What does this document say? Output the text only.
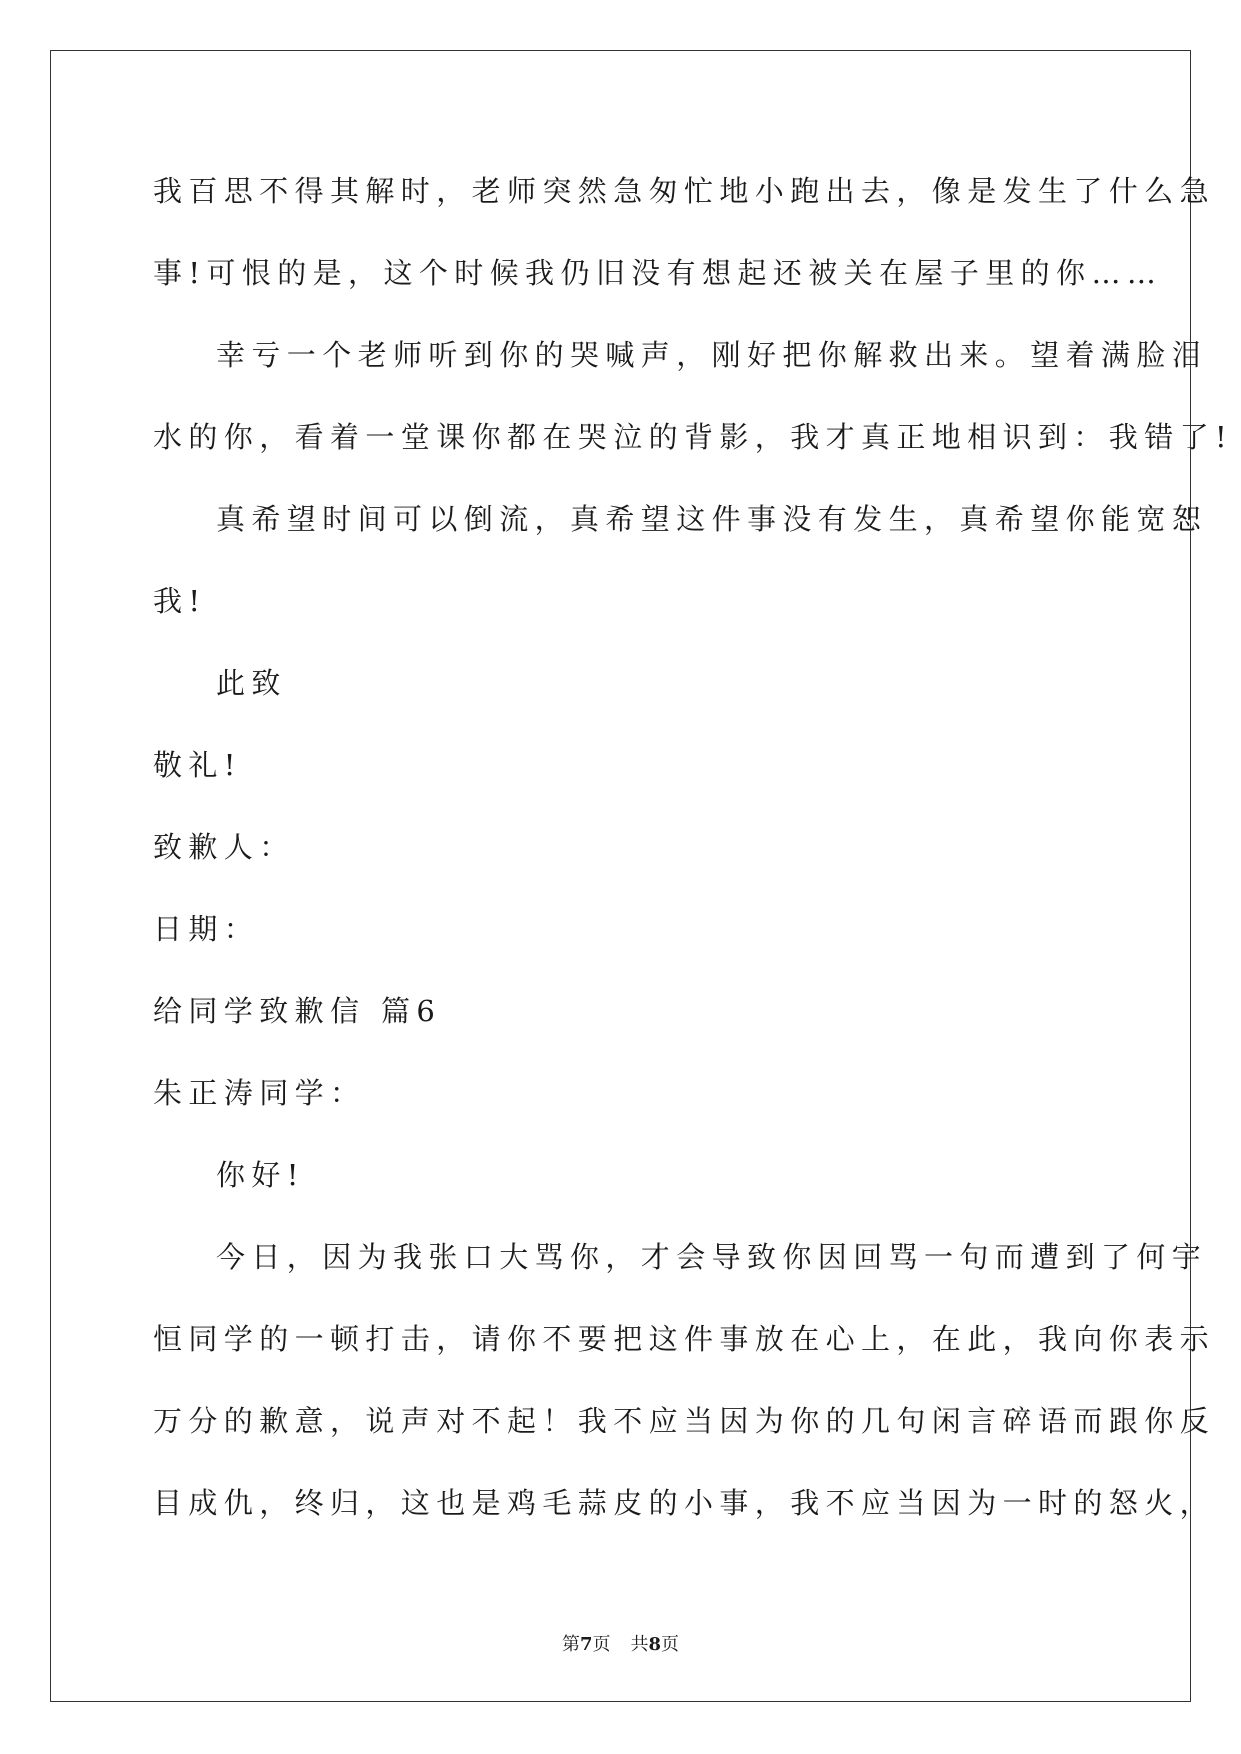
我百思不得其解时，老师突然急匆忙地小跑出去，像是发生了什么急
事!可恨的是，这个时候我仍旧没有想起还被关在屋子里的你……
幸亏一个老师听到你的哭喊声，刚好把你解救出来。望着满脸泪
水的你，看着一堂课你都在哭泣的背影，我才真正地相识到：我错了!
真希望时间可以倒流，真希望这件事没有发生，真希望你能宽恕
我!
此致
敬礼!
致歉人：
日期：
给同学致歉信 篇6
朱正涛同学：
你好!
今日，因为我张口大骂你，才会导致你因回骂一句而遭到了何宇
恒同学的一顿打击，请你不要把这件事放在心上，在此，我向你表示
万分的歉意，说声对不起！我不应当因为你的几句闲言碎语而跟你反
目成仇，终归，这也是鸡毛蒜皮的小事，我不应当因为一时的怒火，
第7页 共8页
